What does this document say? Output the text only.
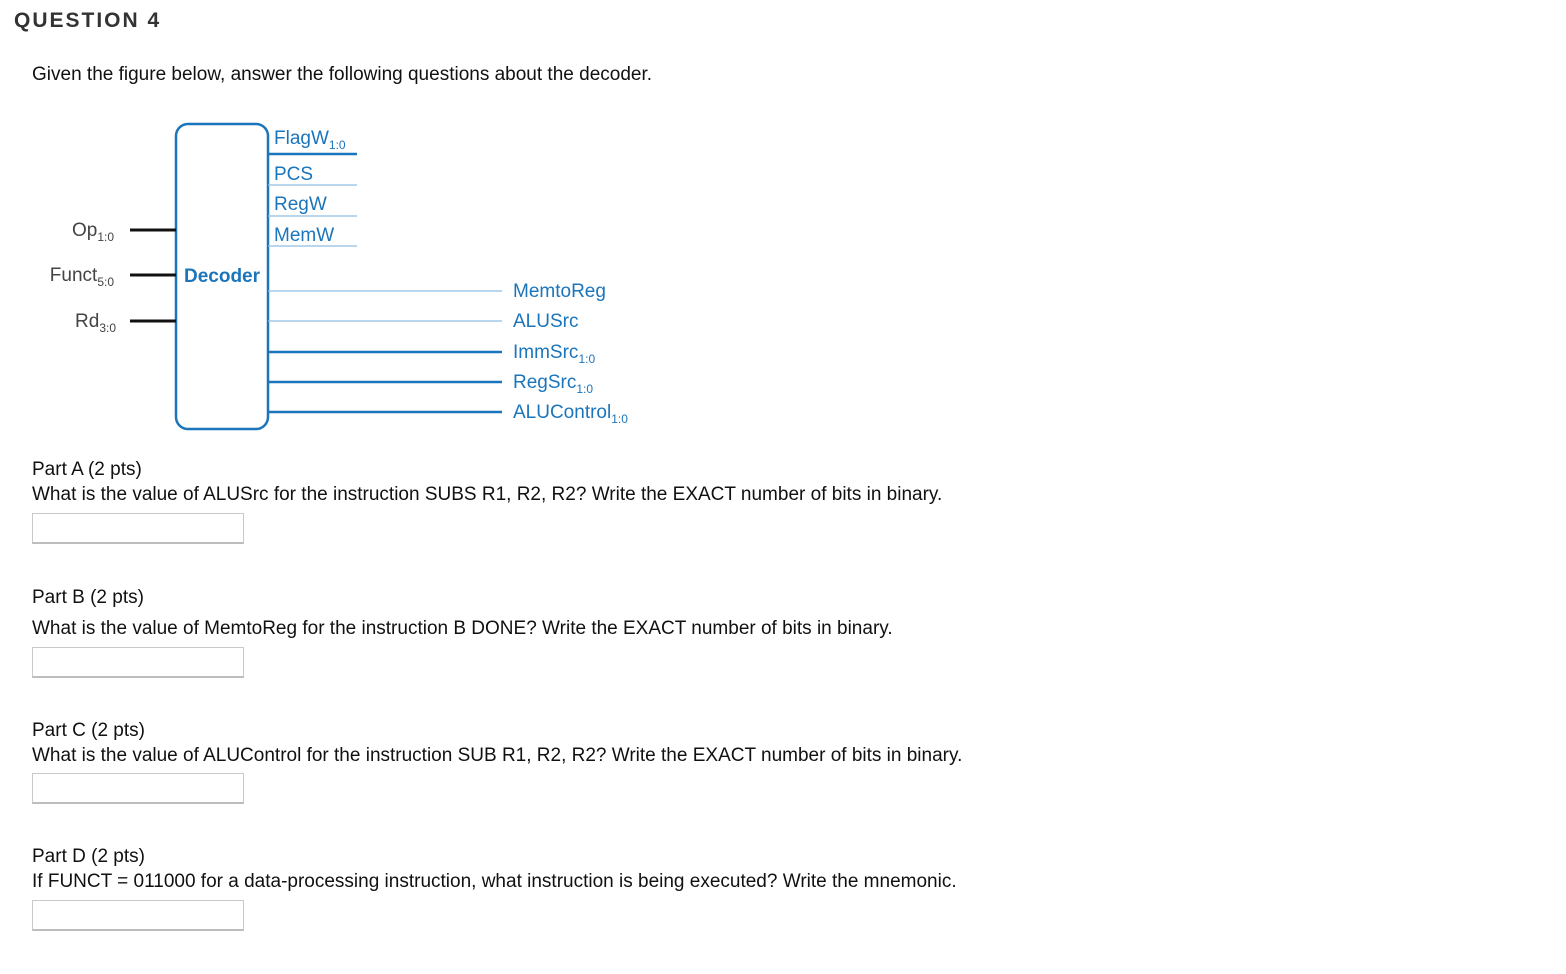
QUESTION 4
Given the figure below, answer the following questions about the decoder.
Decoder
$Op_{1:0}$
Funct$_{5:0}$
$Rd_{3:0}$
FlagW$_{1:0}$
PCS
RegW
MemW
MemtoReg
ALUSrc
ImmSrc$_{1:0}$
RegSrc$_{1:0}$
ALUControl$_{1:0}$
Part A (2 pts)
What is the value of ALUSrc for the instruction SUBS R1, R2, R2? Write the EXACT number of bits in binary.
Part B (2 pts)
What is the value of MemtoReg for the instruction B DONE? Write the EXACT number of bits in binary.
Part C (2 pts)
What is the value of ALUControl for the instruction SUB R1, R2, R2? Write the EXACT number of bits in binary.
Part D (2 pts)
If FUNCT = 011000 for a data-processing instruction, what instruction is being executed? Write the mnemonic.
